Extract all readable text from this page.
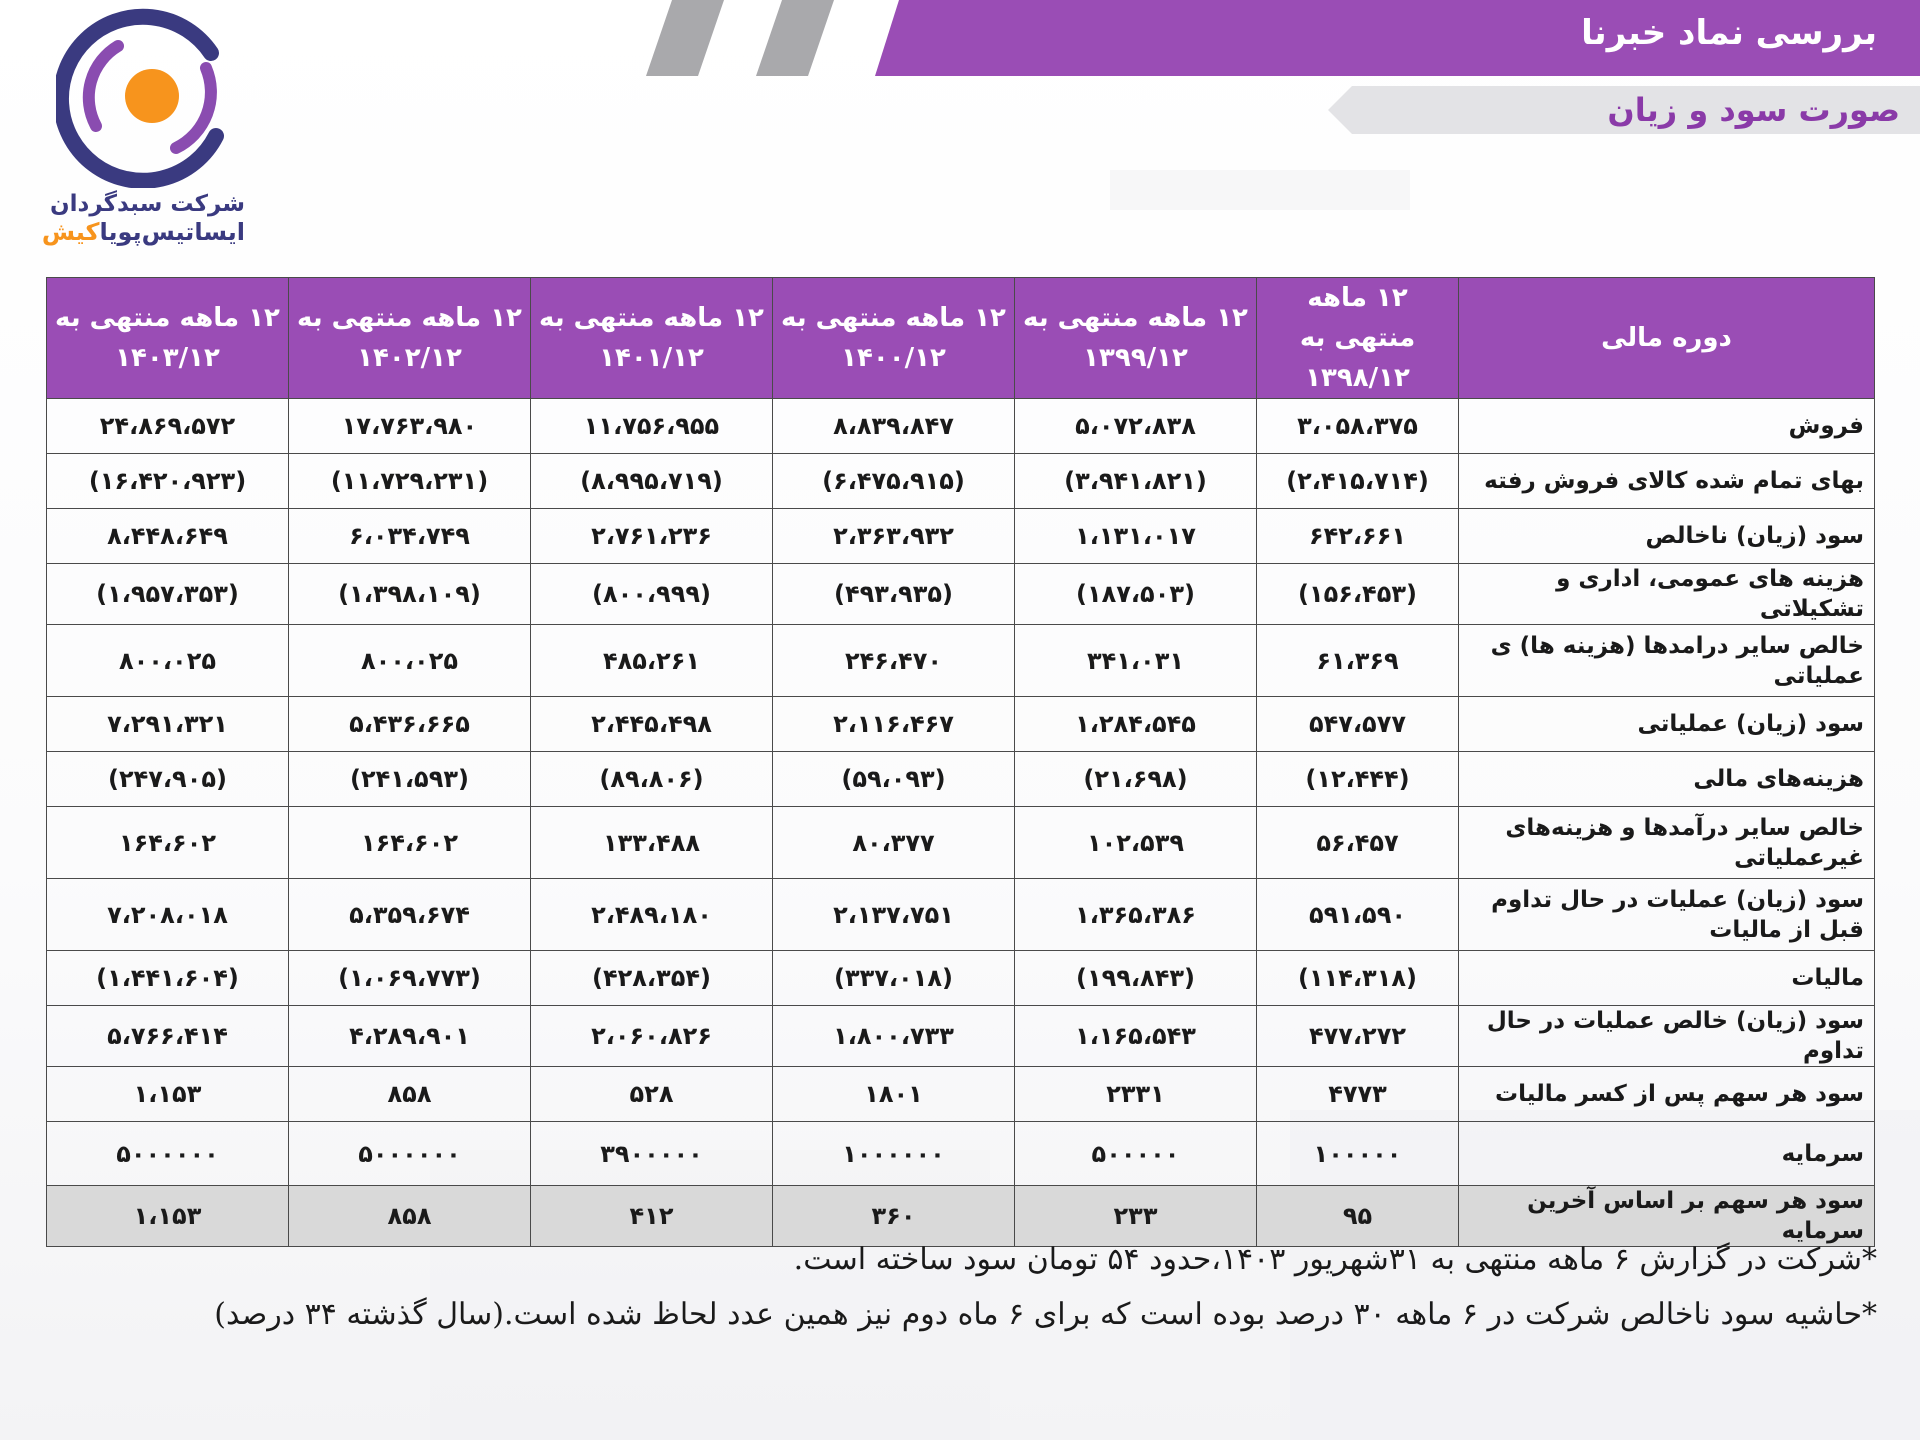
بررسی نماد خبرنا
صورت سود و زیان
شرکت سبدگردان
ایساتیس‌پویاکیش
دوره مالی	۱۲ ماهه منتهی به ۱۳۹۸/۱۲	۱۲ ماهه منتهی به ۱۳۹۹/۱۲	۱۲ ماهه منتهی به ۱۴۰۰/۱۲	۱۲ ماهه منتهی به ۱۴۰۱/۱۲	۱۲ ماهه منتهی به ۱۴۰۲/۱۲	۱۲ ماهه منتهی به ۱۴۰۳/۱۲
فروش	۳،۰۵۸،۳۷۵	۵،۰۷۲،۸۳۸	۸،۸۳۹،۸۴۷	۱۱،۷۵۶،۹۵۵	۱۷،۷۶۳،۹۸۰	۲۴،۸۶۹،۵۷۲
بهای تمام شده کالای فروش رفته	(۲،۴۱۵،۷۱۴)	(۳،۹۴۱،۸۲۱)	(۶،۴۷۵،۹۱۵)	(۸،۹۹۵،۷۱۹)	(۱۱،۷۲۹،۲۳۱)	(۱۶،۴۲۰،۹۲۳)
سود (زیان) ناخالص	۶۴۲،۶۶۱	۱،۱۳۱،۰۱۷	۲،۳۶۳،۹۳۲	۲،۷۶۱،۲۳۶	۶،۰۳۴،۷۴۹	۸،۴۴۸،۶۴۹
هزینه های عمومی، اداری و تشکیلاتی	(۱۵۶،۴۵۳)	(۱۸۷،۵۰۳)	(۴۹۳،۹۳۵)	(۸۰۰،۹۹۹)	(۱،۳۹۸،۱۰۹)	(۱،۹۵۷،۳۵۳)
خالص سایر درامدها (هزینه ها) ی عملیاتی	۶۱،۳۶۹	۳۴۱،۰۳۱	۲۴۶،۴۷۰	۴۸۵،۲۶۱	۸۰۰،۰۲۵	۸۰۰،۰۲۵
سود (زیان) عملیاتی	۵۴۷،۵۷۷	۱،۲۸۴،۵۴۵	۲،۱۱۶،۴۶۷	۲،۴۴۵،۴۹۸	۵،۴۳۶،۶۶۵	۷،۲۹۱،۳۲۱
هزینه‌های مالی	(۱۲،۴۴۴)	(۲۱،۶۹۸)	(۵۹،۰۹۳)	(۸۹،۸۰۶)	(۲۴۱،۵۹۳)	(۲۴۷،۹۰۵)
خالص سایر درآمدها و هزینه‌های غیرعملیاتی	۵۶،۴۵۷	۱۰۲،۵۳۹	۸۰،۳۷۷	۱۳۳،۴۸۸	۱۶۴،۶۰۲	۱۶۴،۶۰۲
سود (زیان) عملیات در حال تداوم قبل از مالیات	۵۹۱،۵۹۰	۱،۳۶۵،۳۸۶	۲،۱۳۷،۷۵۱	۲،۴۸۹،۱۸۰	۵،۳۵۹،۶۷۴	۷،۲۰۸،۰۱۸
مالیات	(۱۱۴،۳۱۸)	(۱۹۹،۸۴۳)	(۳۳۷،۰۱۸)	(۴۲۸،۳۵۴)	(۱،۰۶۹،۷۷۳)	(۱،۴۴۱،۶۰۴)
سود (زیان) خالص عملیات در حال تداوم	۴۷۷،۲۷۲	۱،۱۶۵،۵۴۳	۱،۸۰۰،۷۳۳	۲،۰۶۰،۸۲۶	۴،۲۸۹،۹۰۱	۵،۷۶۶،۴۱۴
سود هر سهم پس از کسر مالیات	۴۷۷۳	۲۳۳۱	۱۸۰۱	۵۲۸	۸۵۸	۱،۱۵۳
سرمایه	۱۰۰۰۰۰	۵۰۰۰۰۰	۱۰۰۰۰۰۰	۳۹۰۰۰۰۰	۵۰۰۰۰۰۰	۵۰۰۰۰۰۰
سود هر سهم بر اساس آخرین سرمایه	۹۵	۲۳۳	۳۶۰	۴۱۲	۸۵۸	۱،۱۵۳
*شرکت در گزارش ۶ ماهه منتهی به ۳۱شهریور ۱۴۰۳،حدود ۵۴ تومان سود ساخته است.
*حاشیه سود ناخالص شرکت در ۶ ماهه ۳۰ درصد بوده است که برای ۶ ماه دوم نیز همین عدد لحاظ شده است.(سال گذشته ۳۴ درصد)
